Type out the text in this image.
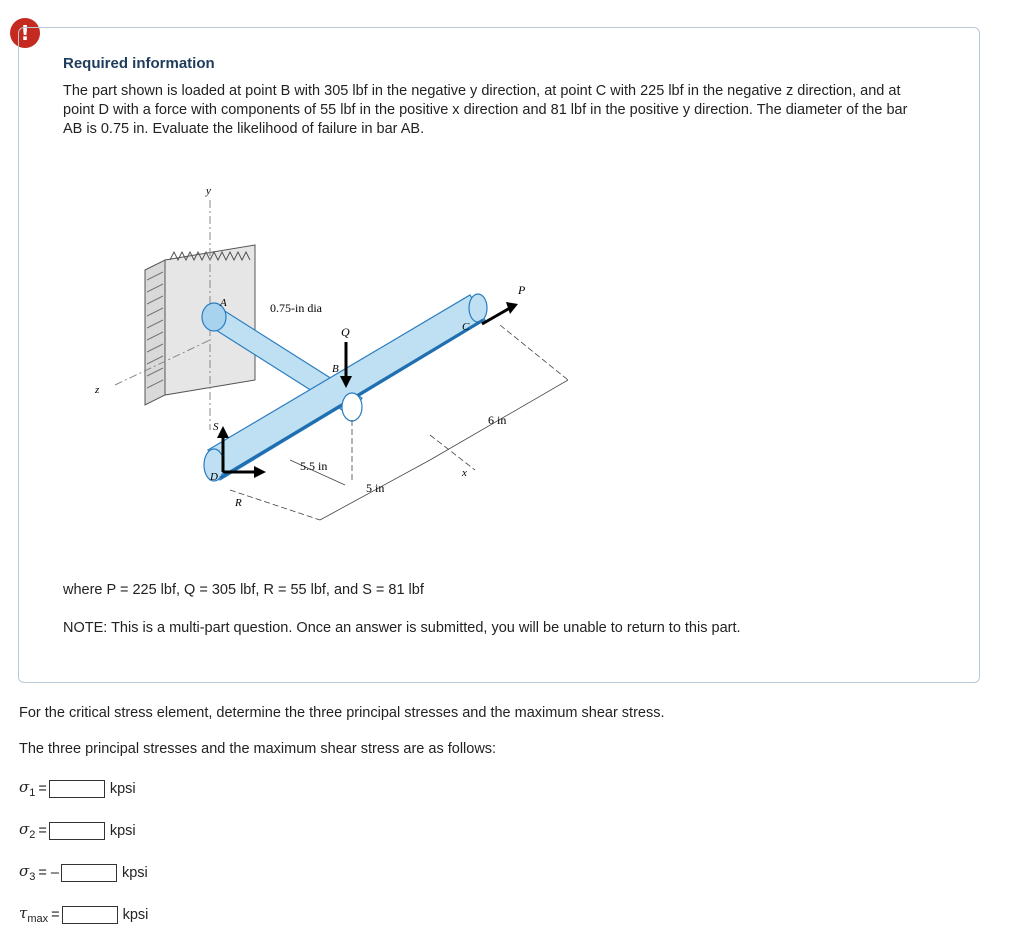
!
Required information
The part shown is loaded at point B with 305 lbf in the negative y direction, at point C with 225 lbf in the negative z direction, and at point D with a force with components of 55 lbf in the positive x direction and 81 lbf in the positive y direction. The diameter of the bar AB is 0.75 in. Evaluate the likelihood of failure in bar AB.
y
z
0.75-in dia
5.5 in
5 in
6 in
A
B
C
D	x
Q
P
S
R
where P = 225 lbf, Q = 305 lbf, R = 55 lbf, and S = 81 lbf
NOTE: This is a multi-part question. Once an answer is submitted, you will be unable to return to this part.
For the critical stress element, determine the three principal stresses and the maximum shear stress.
The three principal stresses and the maximum shear stress are as follows:
$\sigma_1$ =	kpsi
$\sigma_2$ =	kpsi
$\sigma_3$ = –	kpsi
$\tau_{max}$ =	kpsi
